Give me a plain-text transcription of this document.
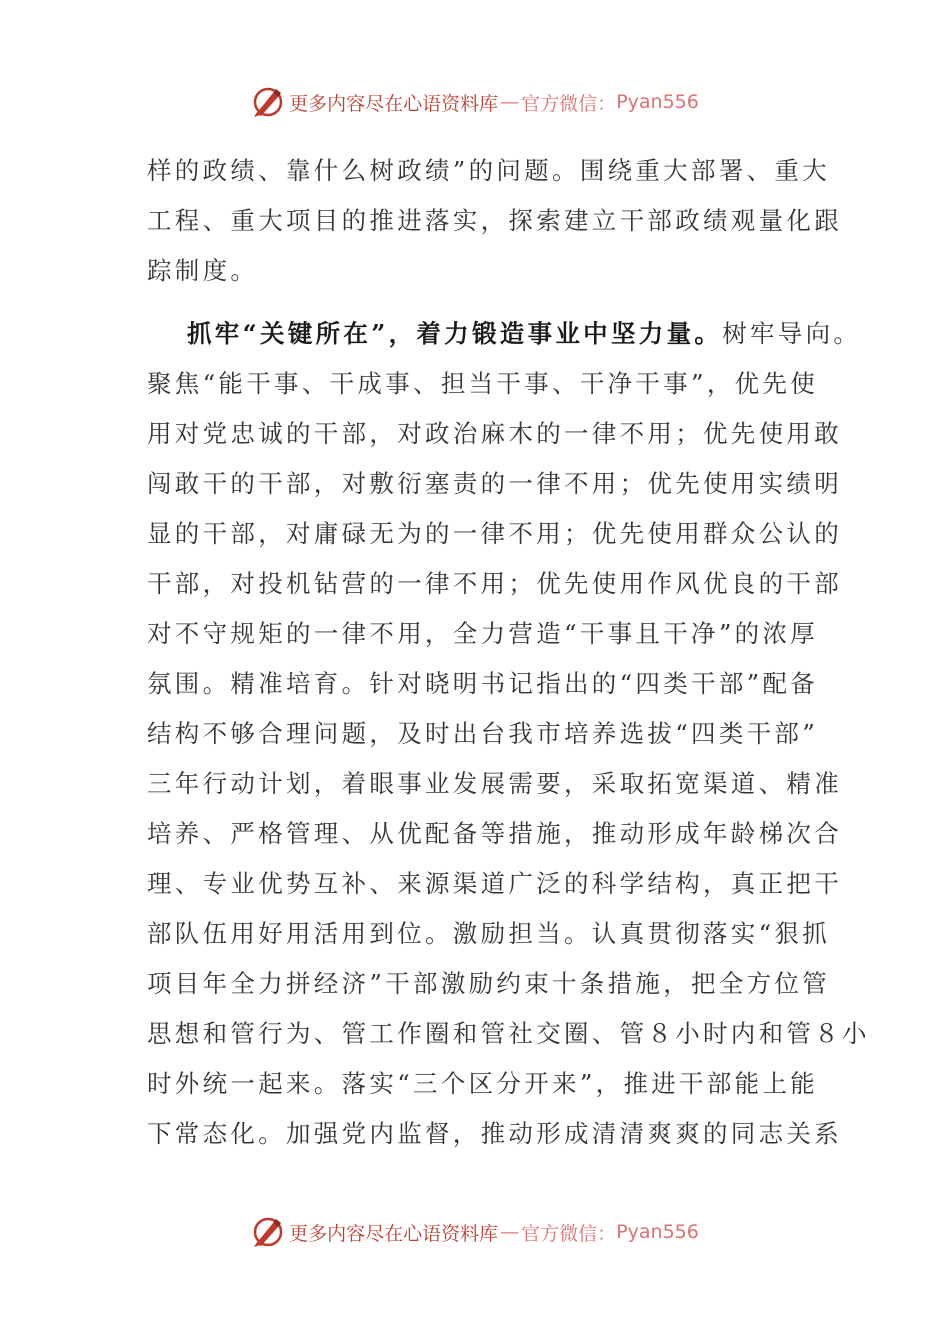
更多内容尽在心语资料库 — 官方微信： Pyan556
样的政绩、靠什么树政绩”的问题。围绕重大部署、重大
工程、重大项目的推进落实，探索建立干部政绩观量化跟
踪制度。
抓牢“关键所在”，着力锻造事业中坚力量。树牢导向。
聚焦“能干事、干成事、担当干事、干净干事”，优先使
用对党忠诚的干部，对政治麻木的一律不用；优先使用敢
闯敢干的干部，对敷衍塞责的一律不用；优先使用实绩明
显的干部，对庸碌无为的一律不用；优先使用群众公认的
干部，对投机钻营的一律不用；优先使用作风优良的干部
对不守规矩的一律不用，全力营造“干事且干净”的浓厚
氛围。精准培育。针对晓明书记指出的“四类干部”配备
结构不够合理问题，及时出台我市培养选拔“四类干部”
三年行动计划，着眼事业发展需要，采取拓宽渠道、精准
培养、严格管理、从优配备等措施，推动形成年龄梯次合
理、专业优势互补、来源渠道广泛的科学结构，真正把干
部队伍用好用活用到位。激励担当。认真贯彻落实“狠抓
项目年全力拼经济”干部激励约束十条措施，把全方位管
思想和管行为、管工作圈和管社交圈、管８小时内和管８小
时外统一起来。落实“三个区分开来”，推进干部能上能
下常态化。加强党内监督，推动形成清清爽爽的同志关系
更多内容尽在心语资料库 — 官方微信： Pyan556
